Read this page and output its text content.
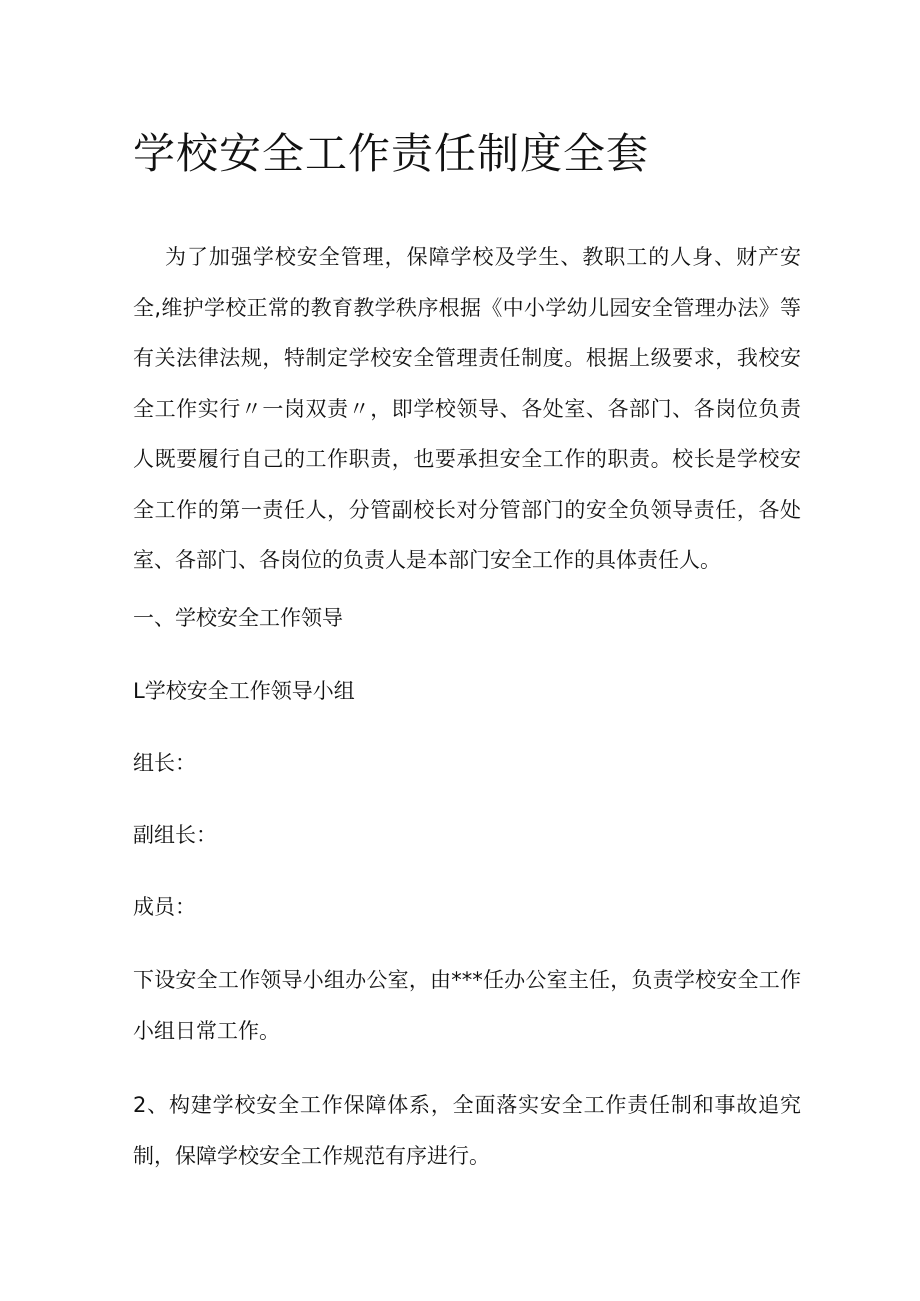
学校安全工作责任制度全套

为了加强学校安全管理，保障学校及学生、教职工的人身、财产安全,维护学校正常的教育教学秩序根据《中小学幼儿园安全管理办法》等有关法律法规，特制定学校安全管理责任制度。根据上级要求，我校安全工作实行〃一岗双责〃，即学校领导、各处室、各部门、各岗位负责人既要履行自己的工作职责，也要承担安全工作的职责。校长是学校安全工作的第一责任人，分管副校长对分管部门的安全负领导责任，各处室、各部门、各岗位的负责人是本部门安全工作的具体责任人。

一、学校安全工作领导

L学校安全工作领导小组

组长：

副组长：

成员：

下设安全工作领导小组办公室，由***任办公室主任，负责学校安全工作小组日常工作。

2、构建学校安全工作保障体系，全面落实安全工作责任制和事故追究制，保障学校安全工作规范有序进行。
